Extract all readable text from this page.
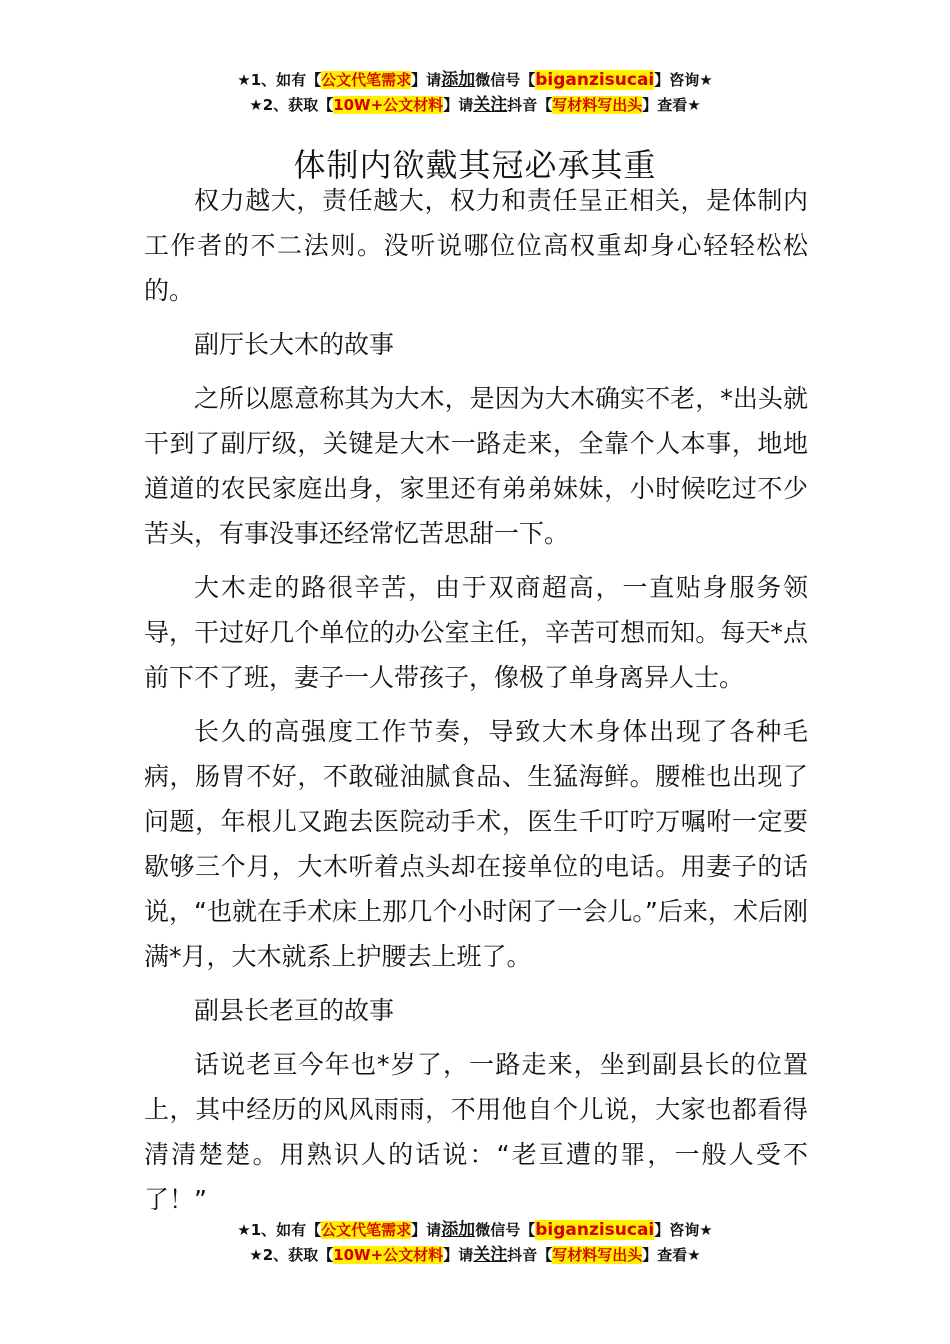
★1、如有【公文代笔需求】请添加微信号【biganzisucai】咨询★
★2、获取【10W+公文材料】请关注抖音【写材料写出头】查看★
体制内欲戴其冠必承其重

权力越大，责任越大，权力和责任呈正相关，是体制内工作者的不二法则。没听说哪位位高权重却身心轻轻松松的。

副厅长大木的故事

之所以愿意称其为大木，是因为大木确实不老，*出头就干到了副厅级，关键是大木一路走来，全靠个人本事，地地道道的农民家庭出身，家里还有弟弟妹妹，小时候吃过不少苦头，有事没事还经常忆苦思甜一下。

大木走的路很辛苦，由于双商超高，一直贴身服务领导，干过好几个单位的办公室主任，辛苦可想而知。每天*点前下不了班，妻子一人带孩子，像极了单身离异人士。

长久的高强度工作节奏，导致大木身体出现了各种毛病，肠胃不好，不敢碰油腻食品、生猛海鲜。腰椎也出现了问题，年根儿又跑去医院动手术，医生千叮咛万嘱咐一定要歇够三个月，大木听着点头却在接单位的电话。用妻子的话说，“也就在手术床上那几个小时闲了一会儿。”后来，术后刚满*月，大木就系上护腰去上班了。

副县长老亘的故事

话说老亘今年也*岁了，一路走来，坐到副县长的位置上，其中经历的风风雨雨，不用他自个儿说，大家也都看得清清楚楚。用熟识人的话说：“老亘遭的罪，一般人受不了！”

★1、如有【公文代笔需求】请添加微信号【biganzisucai】咨询★
★2、获取【10W+公文材料】请关注抖音【写材料写出头】查看★
